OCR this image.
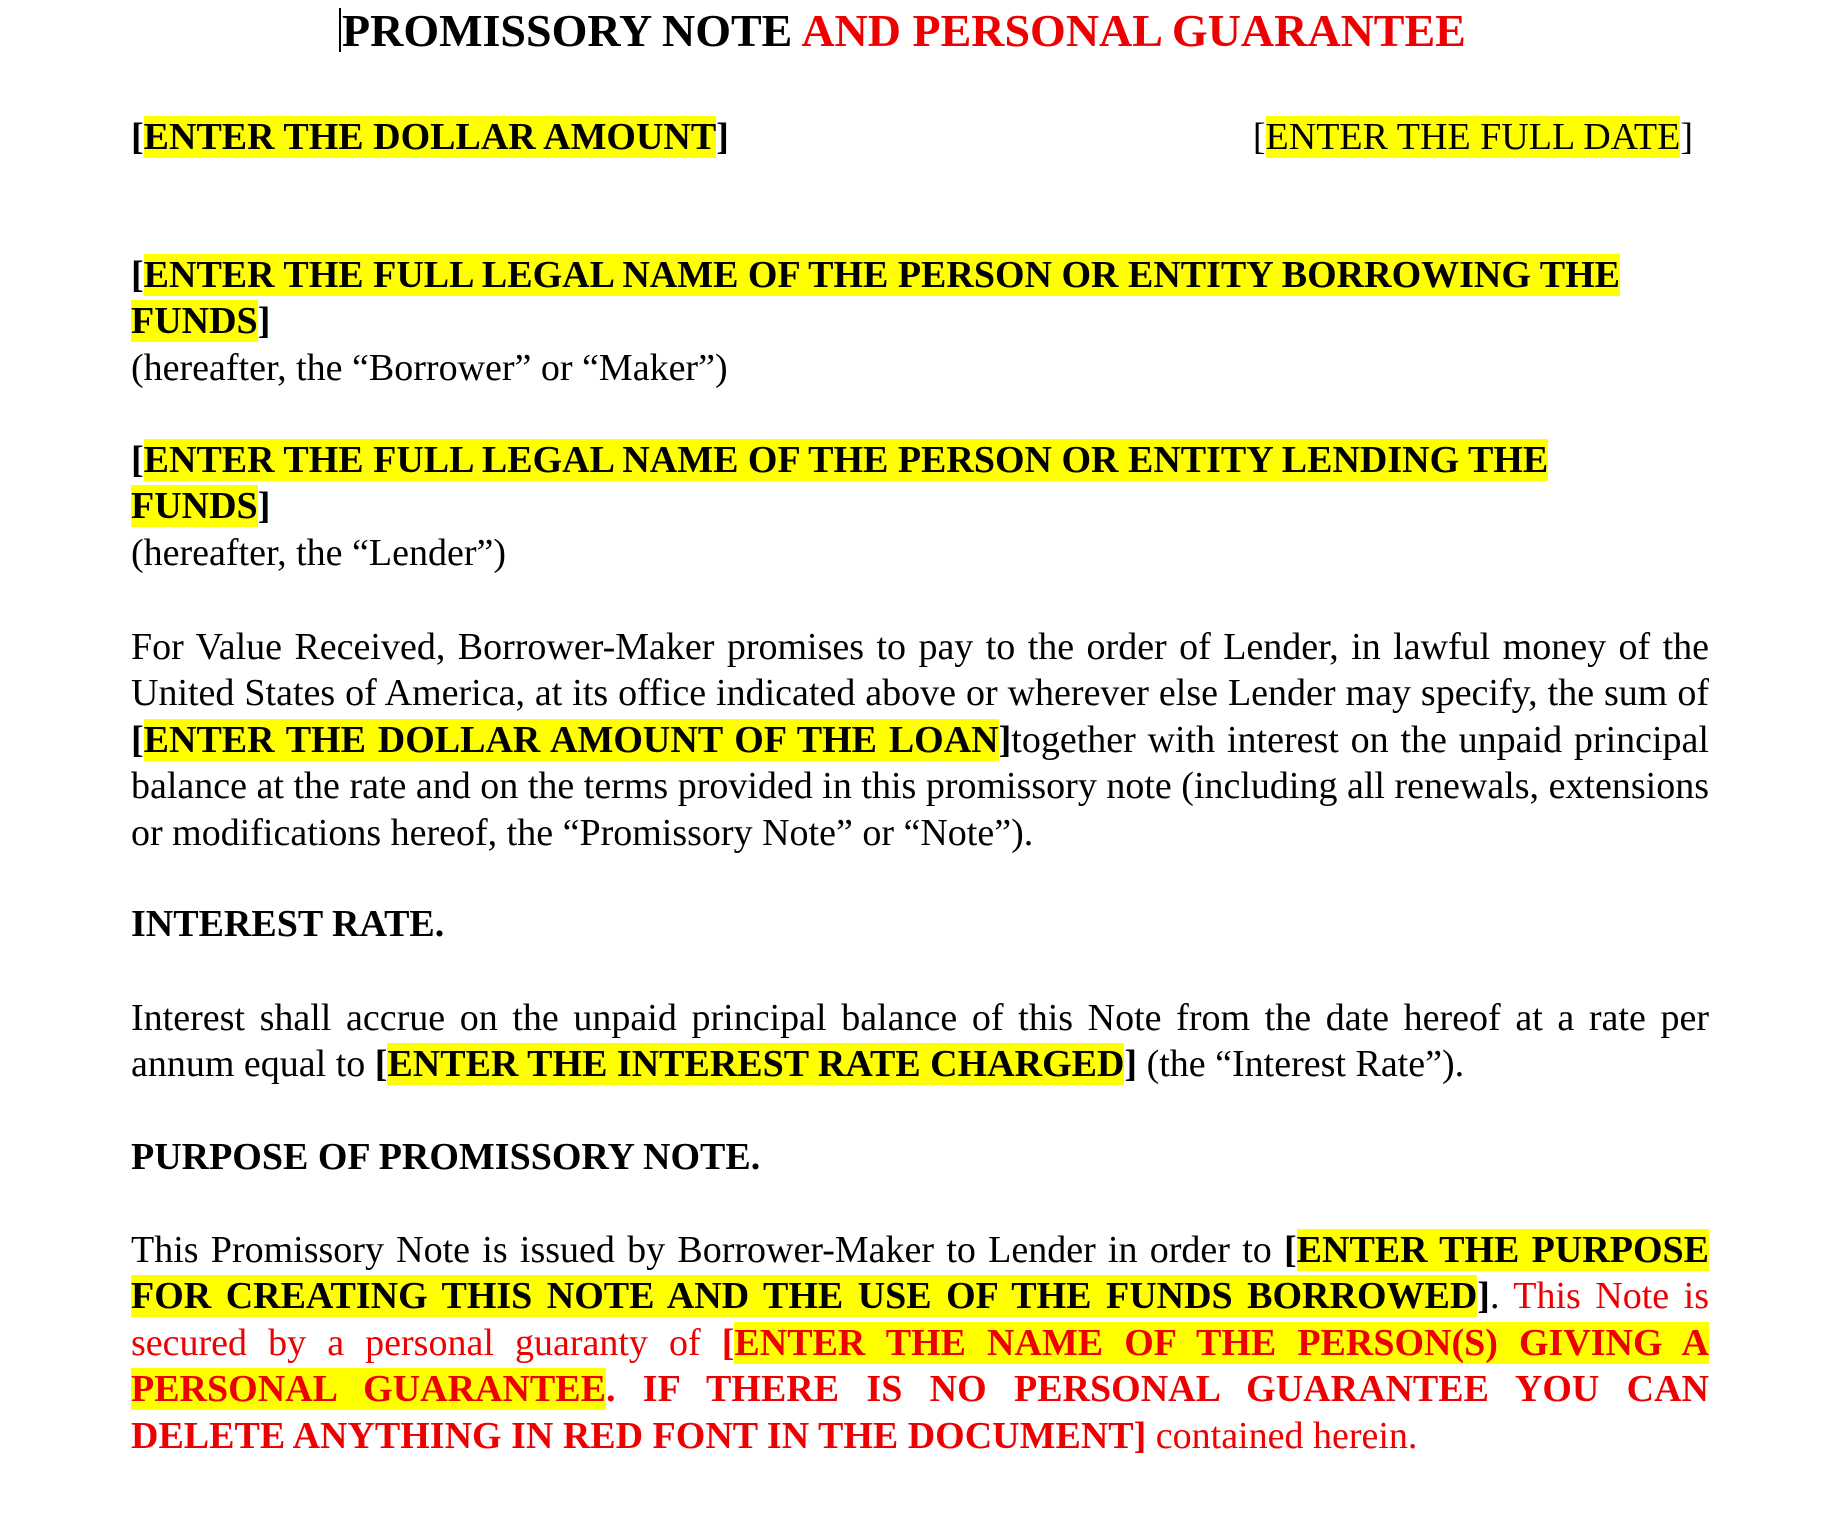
PROMISSORY NOTE AND PERSONAL GUARANTEE
[ENTER THE DOLLAR AMOUNT]	[ENTER THE FULL DATE]
[ENTER THE FULL LEGAL NAME OF THE PERSON OR ENTITY BORROWING THE FUNDS]
(hereafter, the “Borrower” or “Maker”)
[ENTER THE FULL LEGAL NAME OF THE PERSON OR ENTITY LENDING THE FUNDS]
(hereafter, the “Lender”)
For Value Received, Borrower-Maker promises to pay to the order of Lender, in lawful money of the United States of America, at its office indicated above or wherever else Lender may specify, the sum of [ENTER THE DOLLAR AMOUNT OF THE LOAN]together with interest on the unpaid principal balance at the rate and on the terms provided in this promissory note (including all renewals, extensions or modifications hereof, the “Promissory Note” or “Note”).
INTEREST RATE.
Interest shall accrue on the unpaid principal balance of this Note from the date hereof at a rate per annum equal to [ENTER THE INTEREST RATE CHARGED] (the “Interest Rate”).
PURPOSE OF PROMISSORY NOTE.
This Promissory Note is issued by Borrower-Maker to Lender in order to [ENTER THE PURPOSE FOR CREATING THIS NOTE AND THE USE OF THE FUNDS BORROWED]. This Note is secured by a personal guaranty of [ENTER THE NAME OF THE PERSON(S) GIVING A PERSONAL GUARANTEE. IF THERE IS NO PERSONAL GUARANTEE YOU CAN DELETE ANYTHING IN RED FONT IN THE DOCUMENT] contained herein.
